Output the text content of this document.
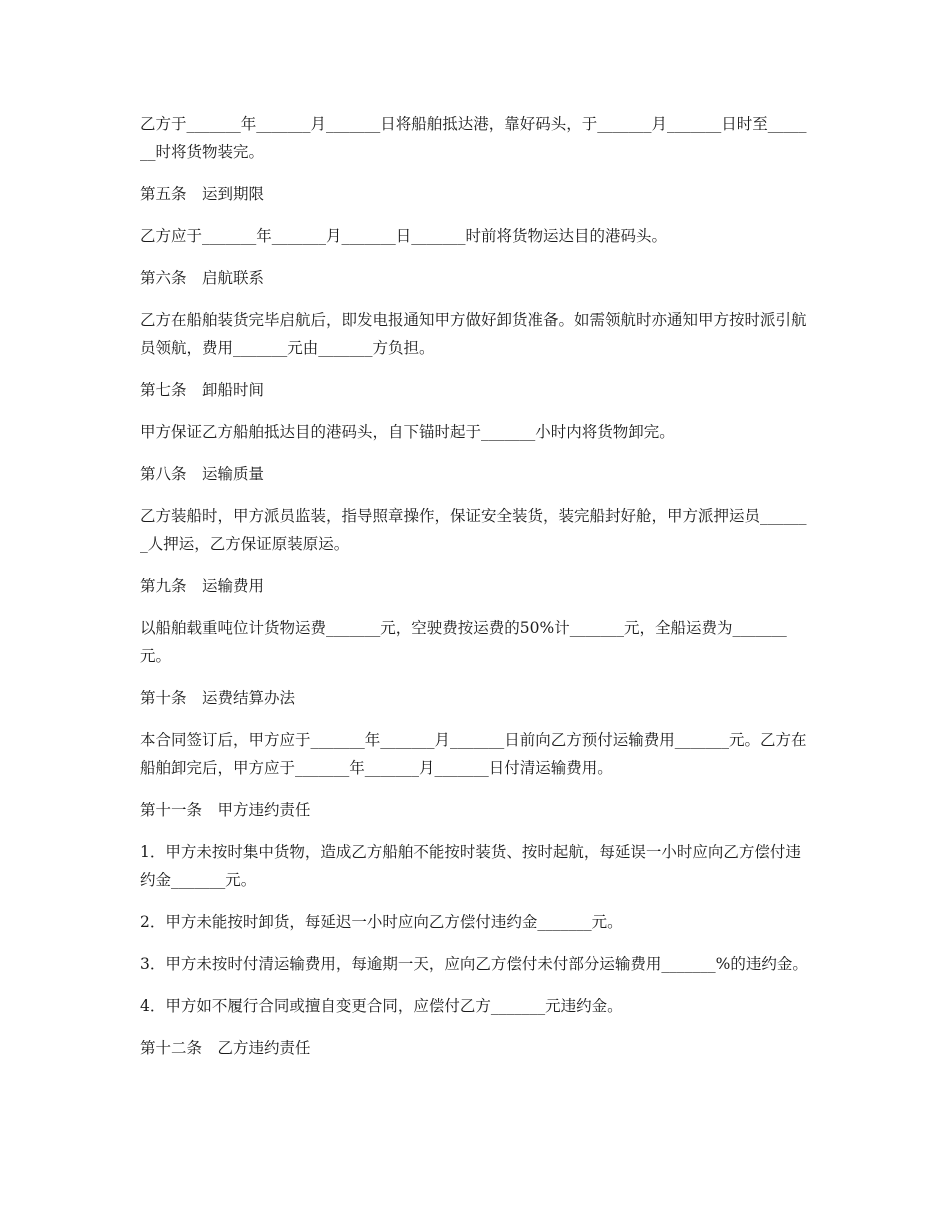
乙方于_______年_______月_______日将船舶抵达港，靠好码头，于_______月_______日时至_______时将货物装完。

第五条　运到期限

乙方应于_______年_______月_______日_______时前将货物运达目的港码头。

第六条　启航联系

乙方在船舶装货完毕启航后，即发电报通知甲方做好卸货准备。如需领航时亦通知甲方按时派引航员领航，费用_______元由_______方负担。

第七条　卸船时间

甲方保证乙方船舶抵达目的港码头，自下锚时起于_______小时内将货物卸完。

第八条　运输质量

乙方装船时，甲方派员监装，指导照章操作，保证安全装货，装完船封好舱，甲方派押运员_______人押运，乙方保证原装原运。

第九条　运输费用

以船舶载重吨位计货物运费_______元，空驶费按运费的50%计_______元，全船运费为_______元。

第十条　运费结算办法

本合同签订后，甲方应于_______年_______月_______日前向乙方预付运输费用_______元。乙方在船舶卸完后，甲方应于_______年_______月_______日付清运输费用。

第十一条　甲方违约责任

1．甲方未按时集中货物，造成乙方船舶不能按时装货、按时起航，每延误一小时应向乙方偿付违约金_______元。

2．甲方未能按时卸货，每延迟一小时应向乙方偿付违约金_______元。

3．甲方未按时付清运输费用，每逾期一天，应向乙方偿付未付部分运输费用_______%的违约金。

4．甲方如不履行合同或擅自变更合同，应偿付乙方_______元违约金。

第十二条　乙方违约责任
